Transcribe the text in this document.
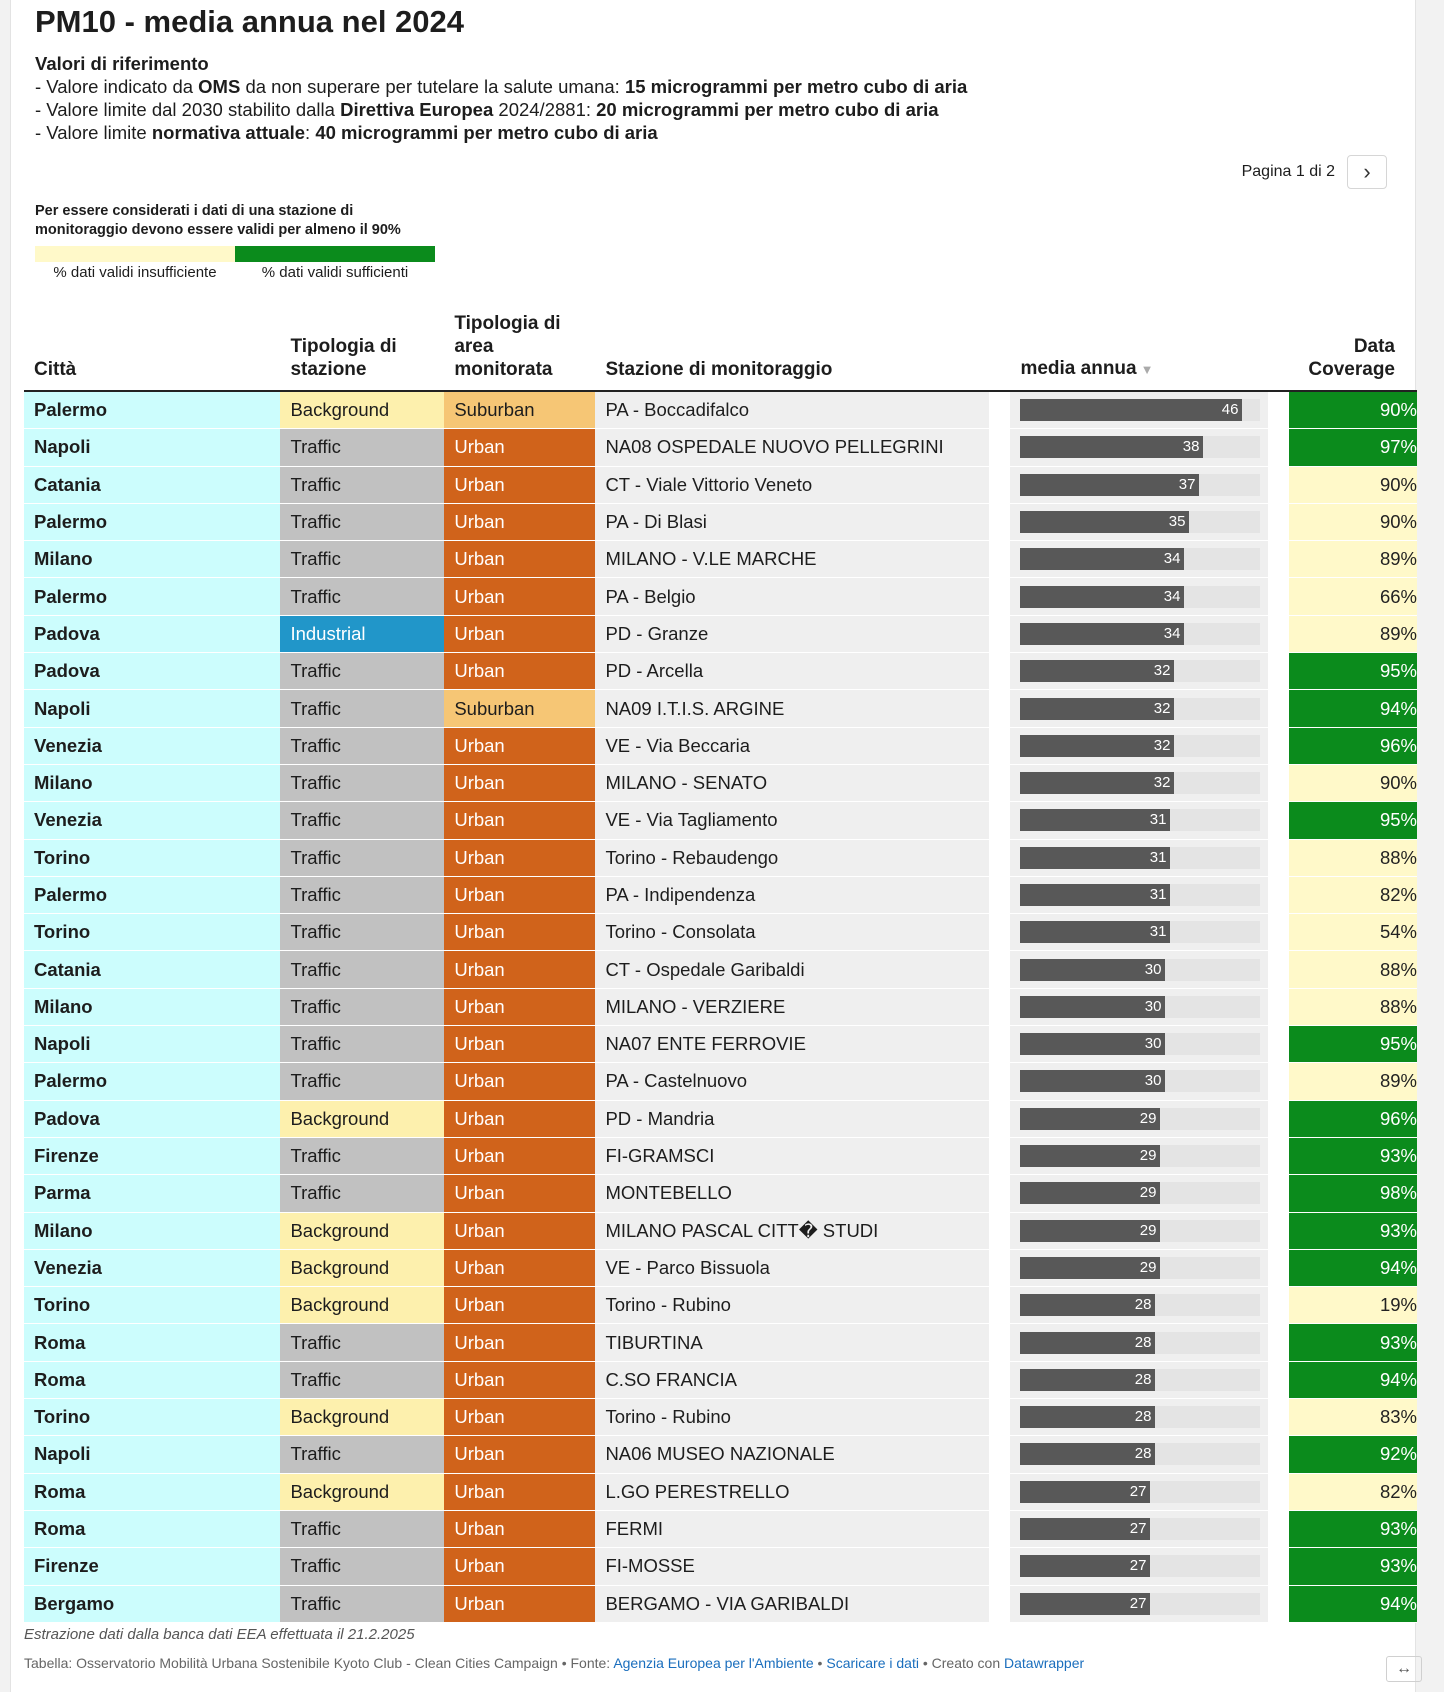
PM10 - media annua nel 2024
Valori di riferimento
- Valore indicato da OMS da non superare per tutelare la salute umana: 15 microgrammi per metro cubo di aria
- Valore limite dal 2030 stabilito dalla Direttiva Europea 2024/2881: 20 microgrammi per metro cubo di aria
- Valore limite normativa attuale: 40 microgrammi per metro cubo di aria
Pagina 1 di 2 ›
Per essere considerati i dati di una stazione di monitoraggio devono essere validi per almeno il 90%
% dati validi insufficiente	% dati validi sufficienti
Città	Tipologia di stazione	Tipologia di area monitorata	Stazione di monitoraggio		media annua ▼		Data Coverage
Palermo	Background	Suburban	PA - Boccadifalco		46		90%
Napoli	Traffic	Urban	NA08 OSPEDALE NUOVO PELLEGRINI		38		97%
Catania	Traffic	Urban	CT - Viale Vittorio Veneto		37		90%
Palermo	Traffic	Urban	PA - Di Blasi		35		90%
Milano	Traffic	Urban	MILANO - V.LE MARCHE		34		89%
Palermo	Traffic	Urban	PA - Belgio		34		66%
Padova	Industrial	Urban	PD - Granze		34		89%
Padova	Traffic	Urban	PD - Arcella		32		95%
Napoli	Traffic	Suburban	NA09 I.T.I.S. ARGINE		32		94%
Venezia	Traffic	Urban	VE - Via Beccaria		32		96%
Milano	Traffic	Urban	MILANO - SENATO		32		90%
Venezia	Traffic	Urban	VE - Via Tagliamento		31		95%
Torino	Traffic	Urban	Torino - Rebaudengo		31		88%
Palermo	Traffic	Urban	PA - Indipendenza		31		82%
Torino	Traffic	Urban	Torino - Consolata		31		54%
Catania	Traffic	Urban	CT - Ospedale Garibaldi		30		88%
Milano	Traffic	Urban	MILANO - VERZIERE		30		88%
Napoli	Traffic	Urban	NA07 ENTE FERROVIE		30		95%
Palermo	Traffic	Urban	PA - Castelnuovo		30		89%
Padova	Background	Urban	PD - Mandria		29		96%
Firenze	Traffic	Urban	FI-GRAMSCI		29		93%
Parma	Traffic	Urban	MONTEBELLO		29		98%
Milano	Background	Urban	MILANO PASCAL CITT� STUDI		29		93%
Venezia	Background	Urban	VE - Parco Bissuola		29		94%
Torino	Background	Urban	Torino - Rubino		28		19%
Roma	Traffic	Urban	TIBURTINA		28		93%
Roma	Traffic	Urban	C.SO FRANCIA		28		94%
Torino	Background	Urban	Torino - Rubino		28		83%
Napoli	Traffic	Urban	NA06 MUSEO NAZIONALE		28		92%
Roma	Background	Urban	L.GO PERESTRELLO		27		82%
Roma	Traffic	Urban	FERMI		27		93%
Firenze	Traffic	Urban	FI-MOSSE		27		93%
Bergamo	Traffic	Urban	BERGAMO - VIA GARIBALDI		27		94%
Estrazione dati dalla banca dati EEA effettuata il 21.2.2025
Tabella: Osservatorio Mobilità Urbana Sostenibile Kyoto Club - Clean Cities Campaign • Fonte: Agenzia Europea per l'Ambiente • Scaricare i dati • Creato con Datawrapper	↔
